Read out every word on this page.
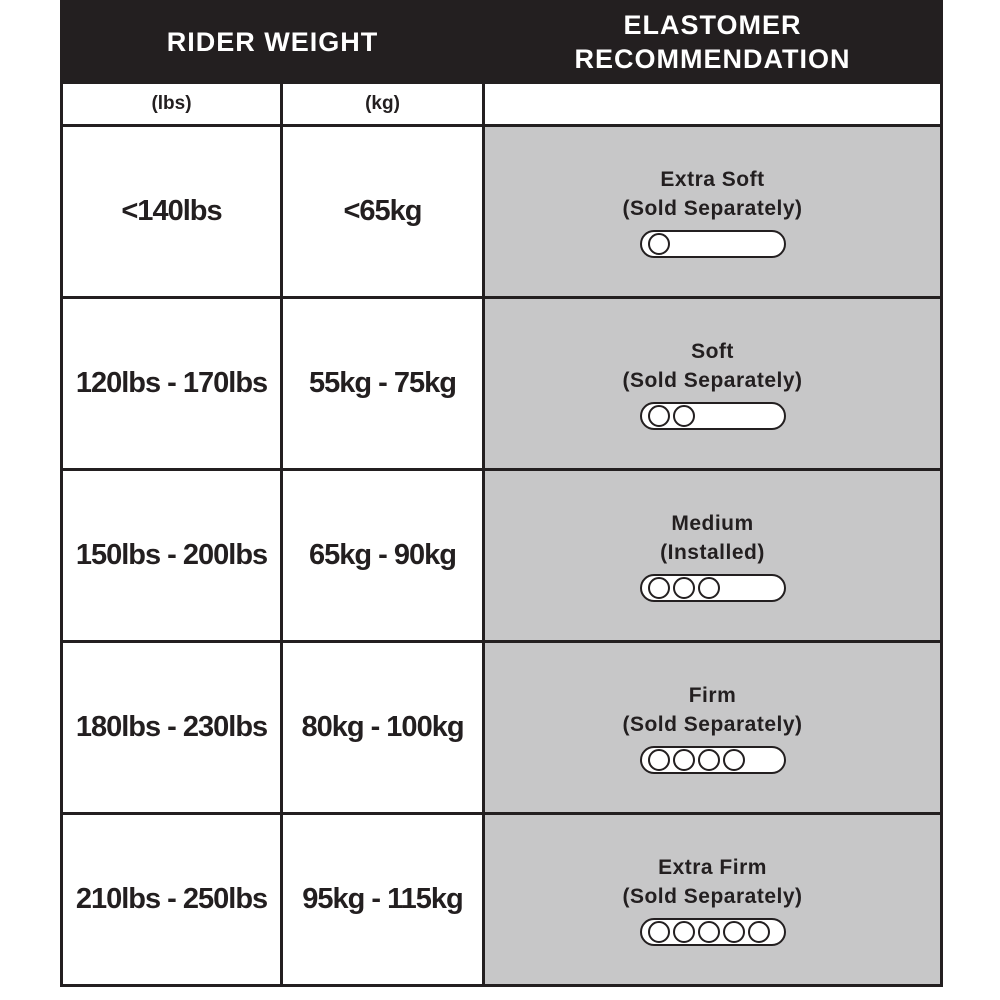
RIDER WEIGHT		ELASTOMER
RECOMMENDATION
(lbs)	(kg)	
<140lbs	<65kg	Extra Soft
(Sold Separately)

120lbs - 170lbs	55kg - 75kg	Soft
(Sold Separately)

150lbs - 200lbs	65kg - 90kg	Medium
(Installed)

180lbs - 230lbs	80kg - 100kg	Firm
(Sold Separately)

210lbs - 250lbs	95kg - 115kg	Extra Firm
(Sold Separately)
